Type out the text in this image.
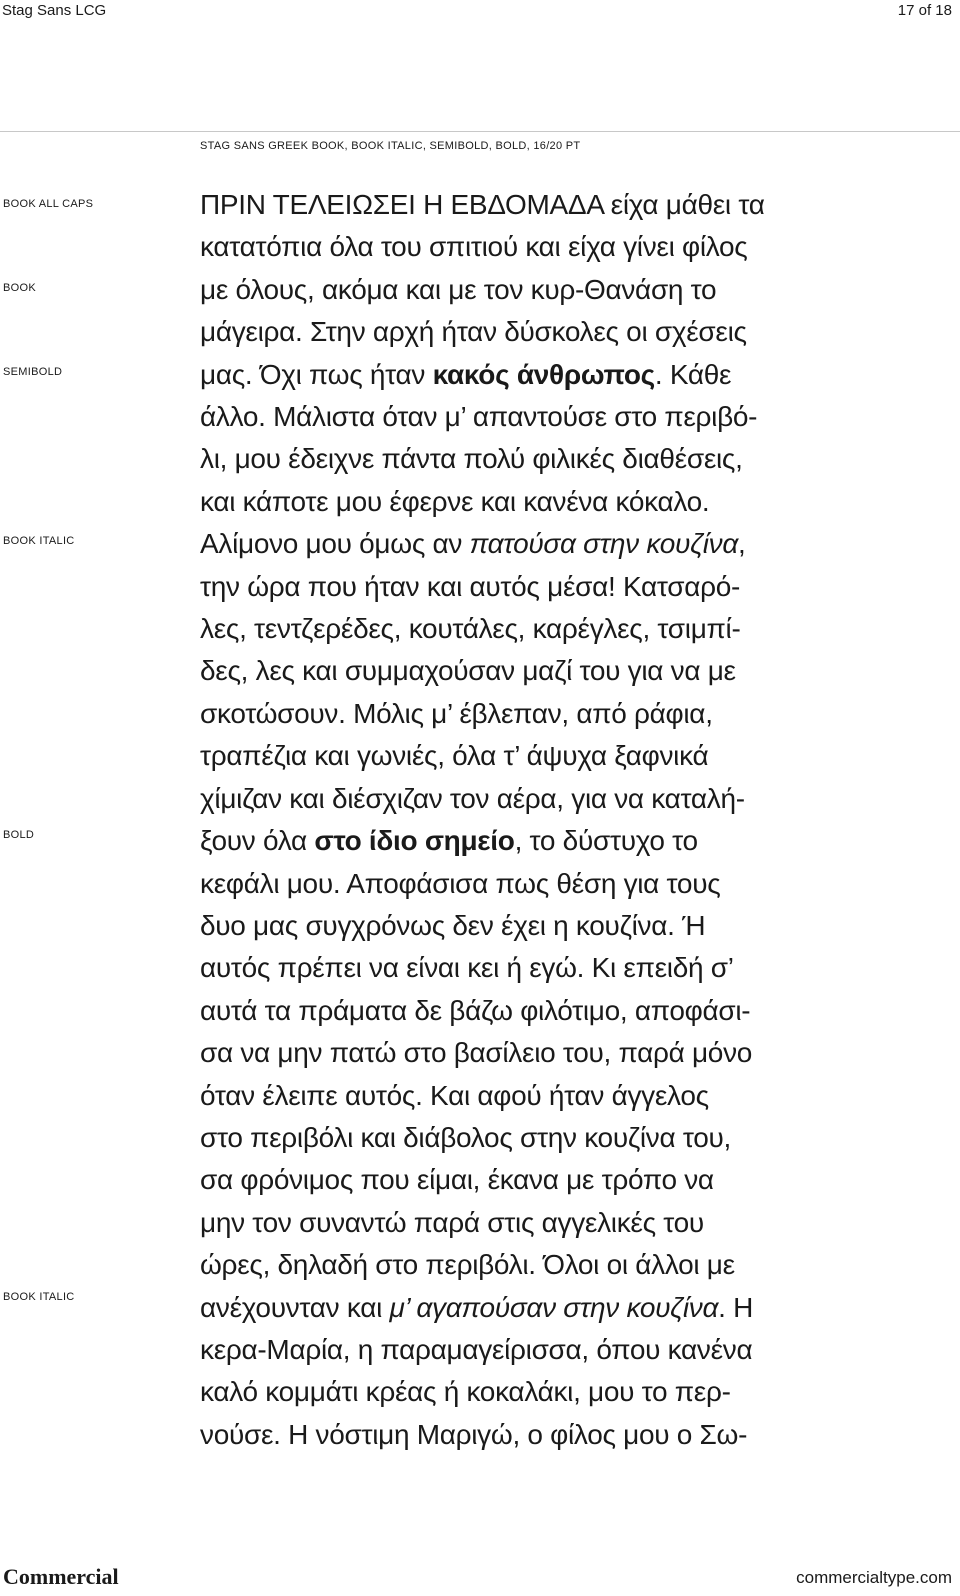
Stag Sans LCG	17 of 18
STAG SANS GREEK BOOK, BOOK ITALIC, SEMIBOLD, BOLD, 16/20 PT
BOOK ALL CAPS
BOOK
SEMIBOLD
BOOK ITALIC
BOLD
BOOK ITALIC
ΠΡΙΝ ΤΕΛΕΙΩΣΕΙ Η ΕΒΔΟΜΑΔΑ είχα μάθει τα
κατατόπια όλα του σπιτιού και είχα γίνει φίλος
με όλους, ακόμα και με τον κυρ-Θανάση το
μάγειρα. Στην αρχή ήταν δύσκολες οι σχέσεις
μας. Όχι πως ήταν κακός άνθρωπος. Κάθε
άλλο. Μάλιστα όταν μ’ απαντούσε στο περιβό-
λι, μου έδειχνε πάντα πολύ φιλικές διαθέσεις,
και κάποτε μου έφερνε και κανένα κόκαλο.
Αλίμονο μου όμως αν πατούσα στην κουζίνα,
την ώρα που ήταν και αυτός μέσα! Κατσαρό-
λες, τεντζερέδες, κουτάλες, καρέγλες, τσιμπί-
δες, λες και συμμαχούσαν μαζί του για να με
σκοτώσουν. Μόλις μ’ έβλεπαν, από ράφια,
τραπέζια και γωνιές, όλα τ’ άψυχα ξαφνικά
χίμιζαν και διέσχιζαν τον αέρα, για να καταλή-
ξουν όλα στο ίδιο σημείο, το δύστυχο το
κεφάλι μου. Αποφάσισα πως θέση για τους
δυο μας συγχρόνως δεν έχει η κουζίνα. Ή
αυτός πρέπει να είναι κει ή εγώ. Κι επειδή σ’
αυτά τα πράματα δε βάζω φιλότιμο, αποφάσι-
σα να μην πατώ στο βασίλειο του, παρά μόνο
όταν έλειπε αυτός. Και αφού ήταν άγγελος
στο περιβόλι και διάβολος στην κουζίνα του,
σα φρόνιμος που είμαι, έκανα με τρόπο να
μην τον συναντώ παρά στις αγγελικές του
ώρες, δηλαδή στο περιβόλι. Όλοι οι άλλοι με
ανέχουνταν και μ’ αγαπούσαν στην κουζίνα. Η
κερα-Μαρία, η παραμαγείρισσα, όπου κανένα
καλό κομμάτι κρέας ή κοκαλάκι, μου το περ-
νούσε. Η νόστιμη Μαριγώ, ο φίλος μου ο Σω-
Commercial	commercialtype.com
